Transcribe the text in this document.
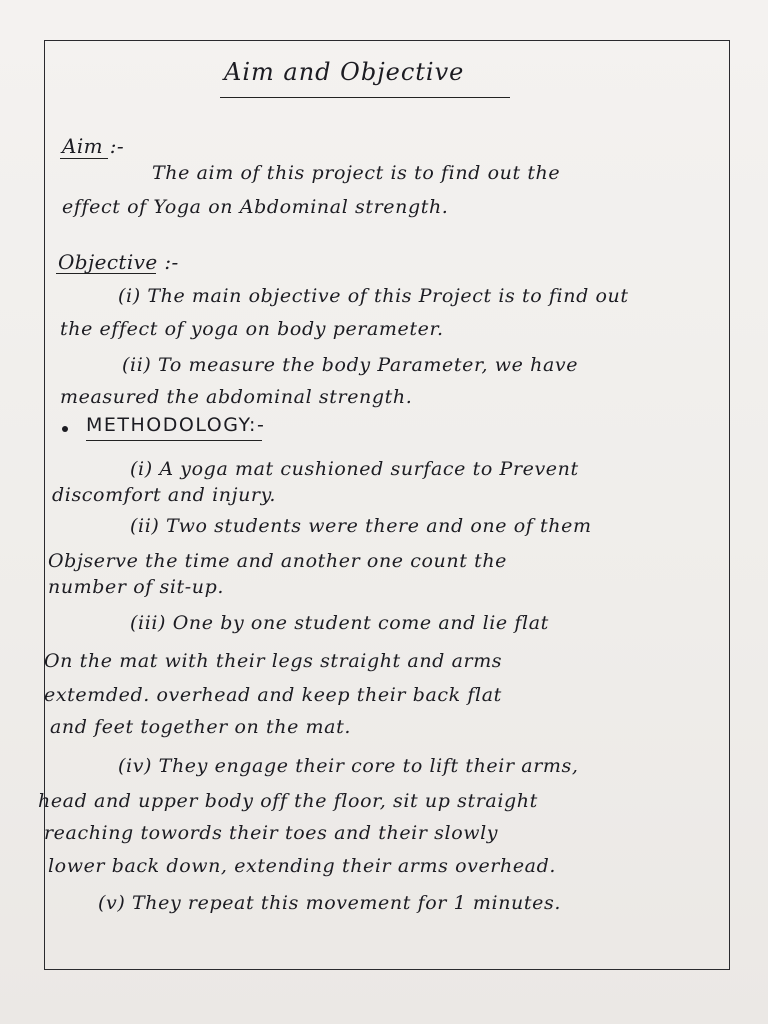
Aim and Objective
Aim :-
The aim of this project is to find out the
effect of Yoga on Abdominal strength.
Objective :-
(i) The main objective of this Project is to find out
the effect of yoga on body perameter.
(ii) To measure the body Parameter, we have
measured the abdominal strength.
METHODOLOGY:-
(i) A yoga mat cushioned surface to Prevent
discomfort and injury.
(ii) Two students were there and one of them
Objserve the time and another one count the
number of sit-up.
(iii) One by one student come and lie flat
On the mat with their legs straight and arms
extemded. overhead and keep their back flat
and feet together on the mat.
(iv) They engage their core to lift their arms,
head and upper body off the floor, sit up straight
reaching towords their toes and their slowly
lower back down, extending their arms overhead.
(v) They repeat this movement for 1 minutes.
